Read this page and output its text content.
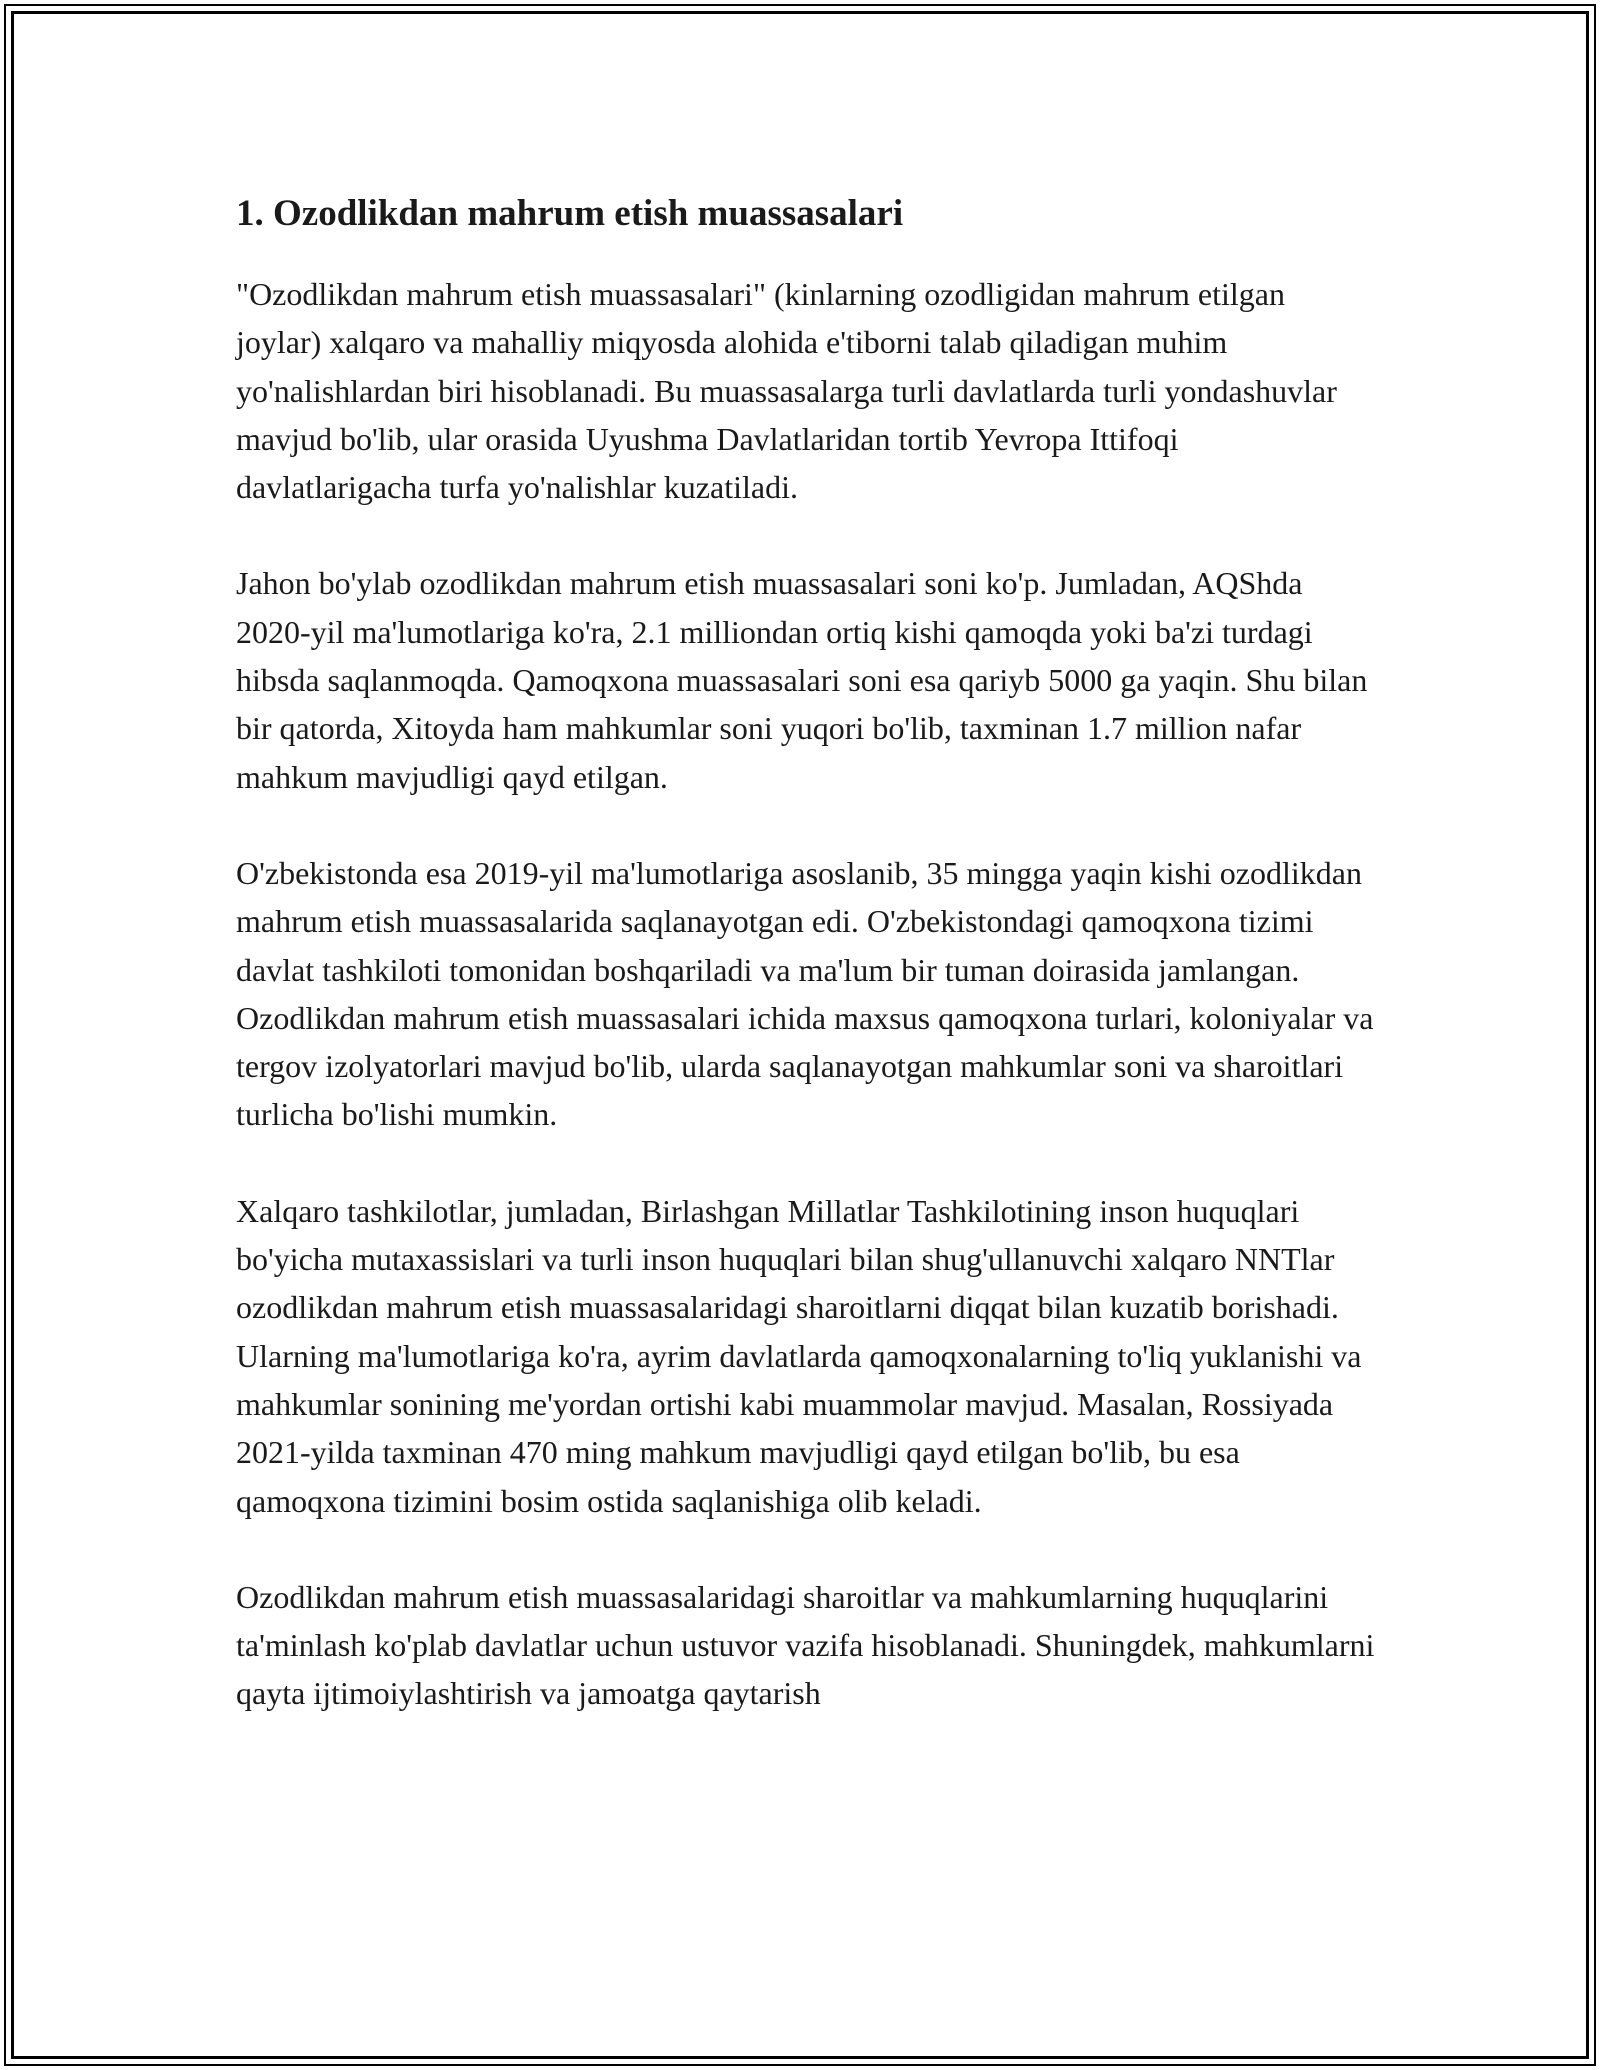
1. Ozodlikdan mahrum etish muassasalari

"Ozodlikdan mahrum etish muassasalari" (kinlarning ozodligidan mahrum etilgan joylar) xalqaro va mahalliy miqyosda alohida e'tiborni talab qiladigan muhim yo'nalishlardan biri hisoblanadi. Bu muassasalarga turli davlatlarda turli yondashuvlar mavjud bo'lib, ular orasida Uyushma Davlatlaridan tortib Yevropa Ittifoqi davlatlarigacha turfa yo'nalishlar kuzatiladi.

Jahon bo'ylab ozodlikdan mahrum etish muassasalari soni ko'p. Jumladan, AQShda 2020-yil ma'lumotlariga ko'ra, 2.1 milliondan ortiq kishi qamoqda yoki ba'zi turdagi hibsda saqlanmoqda. Qamoqxona muassasalari soni esa qariyb 5000 ga yaqin. Shu bilan bir qatorda, Xitoyda ham mahkumlar soni yuqori bo'lib, taxminan 1.7 million nafar mahkum mavjudligi qayd etilgan.

O'zbekistonda esa 2019-yil ma'lumotlariga asoslanib, 35 mingga yaqin kishi ozodlikdan mahrum etish muassasalarida saqlanayotgan edi. O'zbekistondagi qamoqxona tizimi davlat tashkiloti tomonidan boshqariladi va ma'lum bir tuman doirasida jamlangan. Ozodlikdan mahrum etish muassasalari ichida maxsus qamoqxona turlari, koloniyalar va tergov izolyatorlari mavjud bo'lib, ularda saqlanayotgan mahkumlar soni va sharoitlari turlicha bo'lishi mumkin.

Xalqaro tashkilotlar, jumladan, Birlashgan Millatlar Tashkilotining inson huquqlari bo'yicha mutaxassislari va turli inson huquqlari bilan shug'ullanuvchi xalqaro NNTlar ozodlikdan mahrum etish muassasalaridagi sharoitlarni diqqat bilan kuzatib borishadi. Ularning ma'lumotlariga ko'ra, ayrim davlatlarda qamoqxonalarning to'liq yuklanishi va mahkumlar sonining me'yordan ortishi kabi muammolar mavjud. Masalan, Rossiyada 2021-yilda taxminan 470 ming mahkum mavjudligi qayd etilgan bo'lib, bu esa qamoqxona tizimini bosim ostida saqlanishiga olib keladi.

Ozodlikdan mahrum etish muassasalaridagi sharoitlar va mahkumlarning huquqlarini ta'minlash ko'plab davlatlar uchun ustuvor vazifa hisoblanadi. Shuningdek, mahkumlarni qayta ijtimoiylashtirish va jamoatga qaytarish
